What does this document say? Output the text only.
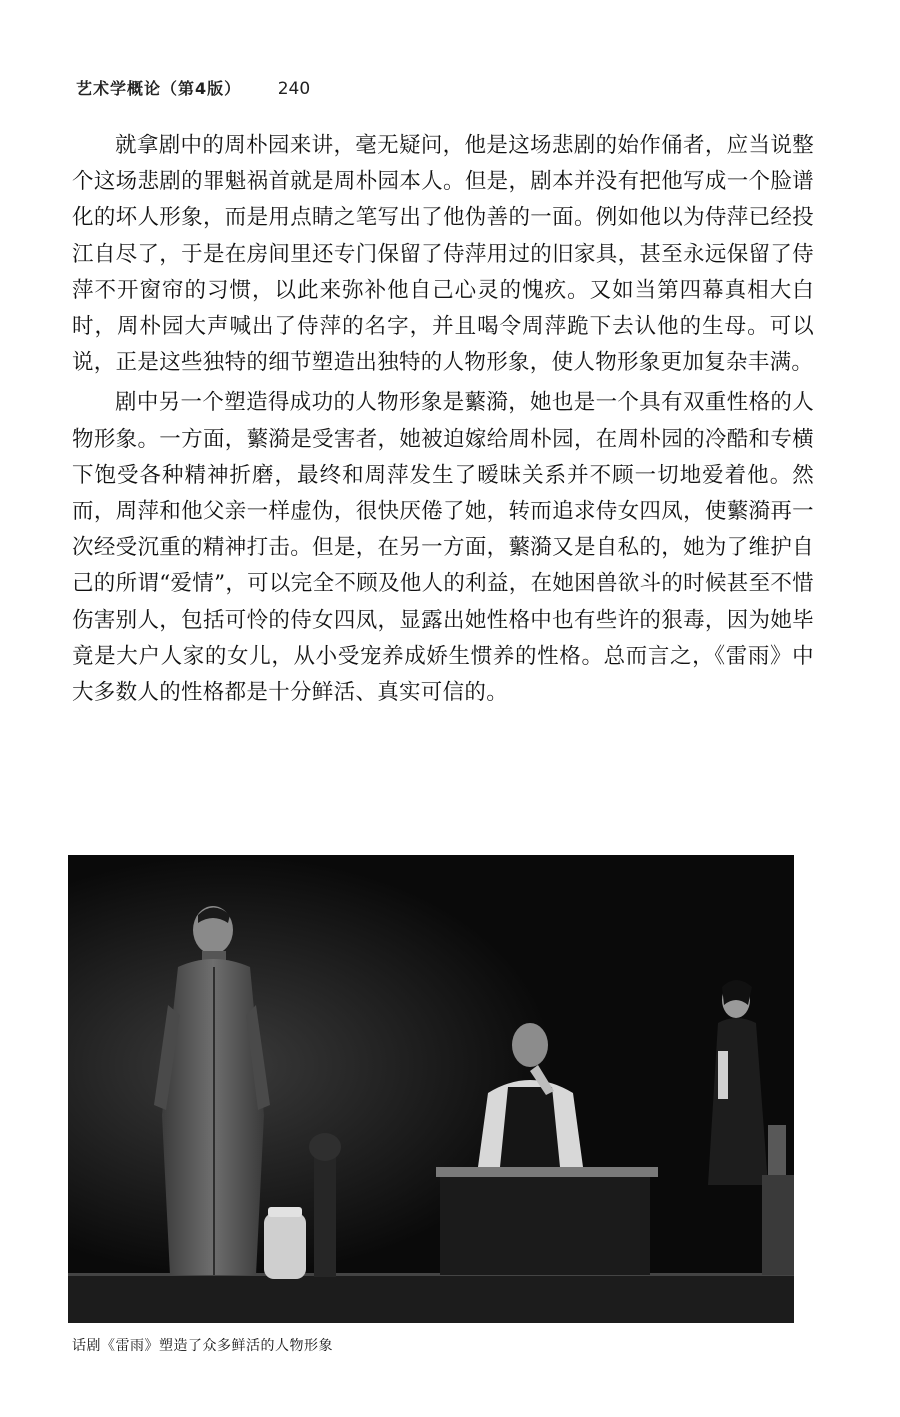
艺术学概论（第4版） 240

就拿剧中的周朴园来讲，毫无疑问，他是这场悲剧的始作俑者，应当说整个这场悲剧的罪魁祸首就是周朴园本人。但是，剧本并没有把他写成一个脸谱化的坏人形象，而是用点睛之笔写出了他伪善的一面。例如他以为侍萍已经投江自尽了，于是在房间里还专门保留了侍萍用过的旧家具，甚至永远保留了侍萍不开窗帘的习惯，以此来弥补他自己心灵的愧疚。又如当第四幕真相大白时，周朴园大声喊出了侍萍的名字，并且喝令周萍跪下去认他的生母。可以说，正是这些独特的细节塑造出独特的人物形象，使人物形象更加复杂丰满。

剧中另一个塑造得成功的人物形象是蘩漪，她也是一个具有双重性格的人物形象。一方面，蘩漪是受害者，她被迫嫁给周朴园，在周朴园的冷酷和专横下饱受各种精神折磨，最终和周萍发生了暧昧关系并不顾一切地爱着他。然而，周萍和他父亲一样虚伪，很快厌倦了她，转而追求侍女四凤，使蘩漪再一次经受沉重的精神打击。但是，在另一方面，蘩漪又是自私的，她为了维护自己的所谓“爱情”，可以完全不顾及他人的利益，在她困兽欲斗的时候甚至不惜伤害别人，包括可怜的侍女四凤，显露出她性格中也有些许的狠毒，因为她毕竟是大户人家的女儿，从小受宠养成娇生惯养的性格。总而言之，《雷雨》中大多数人的性格都是十分鲜活、真实可信的。

话剧《雷雨》塑造了众多鲜活的人物形象
